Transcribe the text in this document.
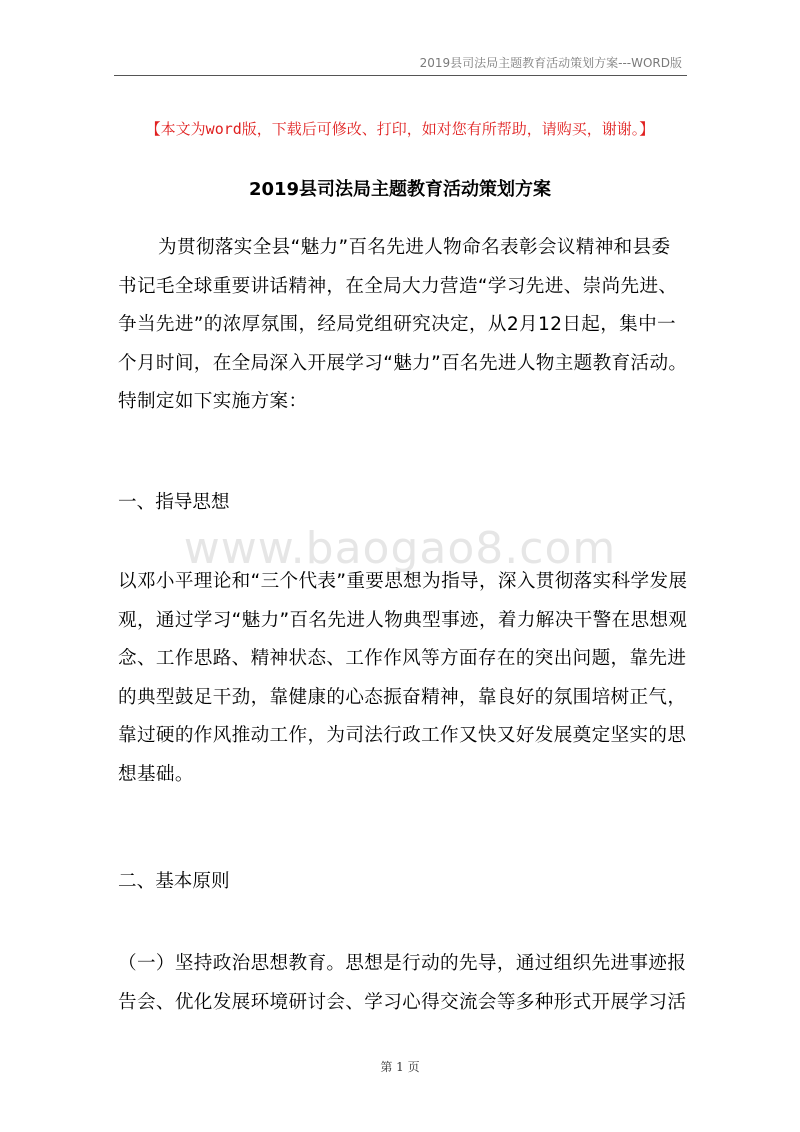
2019县司法局主题教育活动策划方案---WORD版
【本文为word版，下载后可修改、打印，如对您有所帮助，请购买，谢谢。】
2019县司法局主题教育活动策划方案
为贯彻落实全县“魅力”百名先进人物命名表彰会议精神和县委书记毛全球重要讲话精神，在全局大力营造“学习先进、崇尚先进、争当先进”的浓厚氛围，经局党组研究决定，从2月12日起，集中一个月时间，在全局深入开展学习“魅力”百名先进人物主题教育活动。特制定如下实施方案：
一、指导思想
www.baogao8.com
以邓小平理论和“三个代表”重要思想为指导，深入贯彻落实科学发展观，通过学习“魅力”百名先进人物典型事迹，着力解决干警在思想观念、工作思路、精神状态、工作作风等方面存在的突出问题，靠先进的典型鼓足干劲，靠健康的心态振奋精神，靠良好的氛围培树正气，靠过硬的作风推动工作，为司法行政工作又快又好发展奠定坚实的思想基础。
二、基本原则
（一）坚持政治思想教育。思想是行动的先导，通过组织先进事迹报告会、优化发展环境研讨会、学习心得交流会等多种形式开展学习活
第 1 页
